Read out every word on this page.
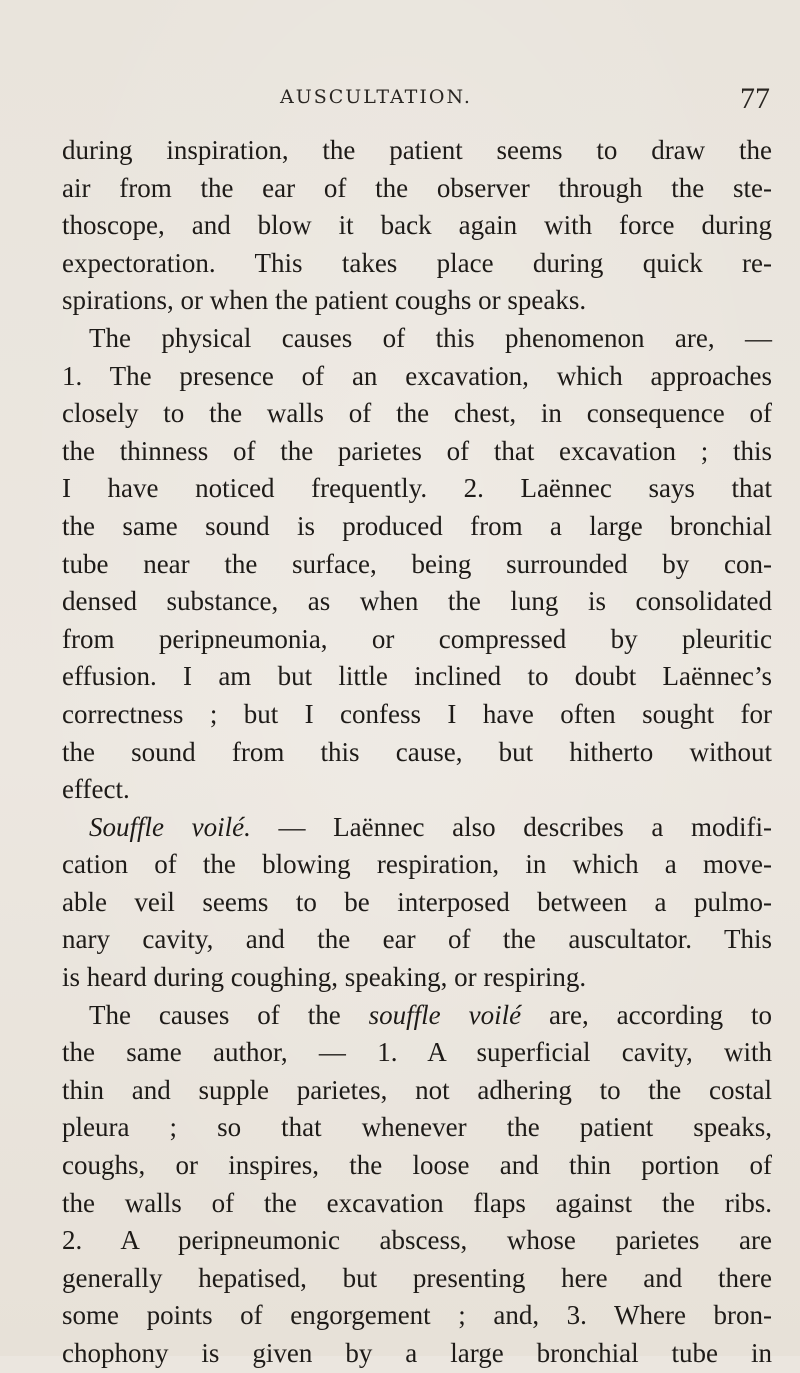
AUSCULTATION.	77
during inspiration, the patient seems to draw the
air from the ear of the observer through the ste-
thoscope, and blow it back again with force during
expectoration. This takes place during quick re-
spirations, or when the patient coughs or speaks.
The physical causes of this phenomenon are, —
1. The presence of an excavation, which approaches
closely to the walls of the chest, in consequence of
the thinness of the parietes of that excavation ; this
I have noticed frequently. 2. Laënnec says that
the same sound is produced from a large bronchial
tube near the surface, being surrounded by con-
densed substance, as when the lung is consolidated
from peripneumonia, or compressed by pleuritic
effusion. I am but little inclined to doubt Laënnec’s
correctness ; but I confess I have often sought for
the sound from this cause, but hitherto without
effect.
Souffle voilé. — Laënnec also describes a modifi-
cation of the blowing respiration, in which a move-
able veil seems to be interposed between a pulmo-
nary cavity, and the ear of the auscultator. This
is heard during coughing, speaking, or respiring.
The causes of the souffle voilé are, according to
the same author, — 1. A superficial cavity, with
thin and supple parietes, not adhering to the costal
pleura ; so that whenever the patient speaks,
coughs, or inspires, the loose and thin portion of
the walls of the excavation flaps against the ribs.
2. A peripneumonic abscess, whose parietes are
generally hepatised, but presenting here and there
some points of engorgement ; and, 3. Where bron-
chophony is given by a large bronchial tube in
